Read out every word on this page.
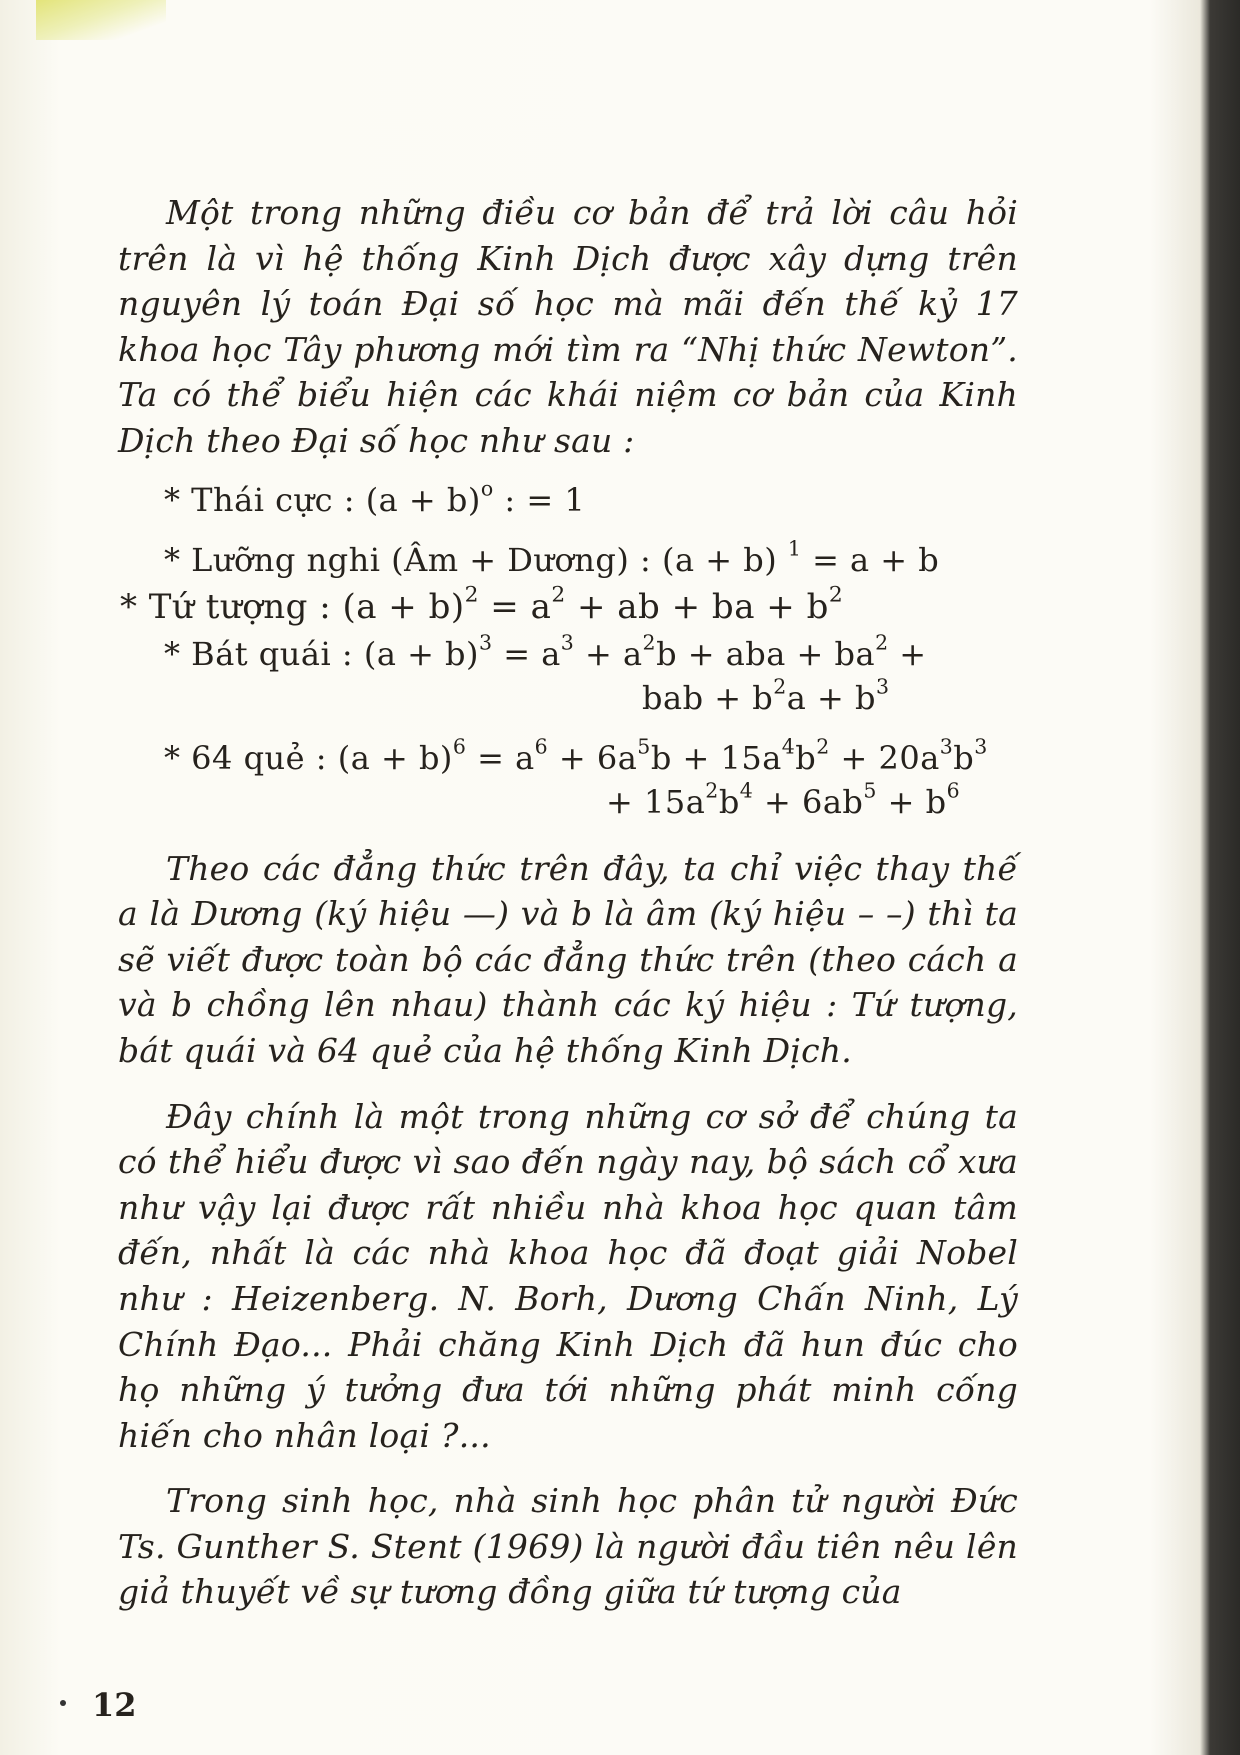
Một trong những điều cơ bản để trả lời câu hỏi trên là vì hệ thống Kinh Dịch được xây dựng trên nguyên lý toán Đại số học mà mãi đến thế kỷ 17 khoa học Tây phương mới tìm ra “Nhị thức Newton”. Ta có thể biểu hiện các khái niệm cơ bản của Kinh Dịch theo Đại số học như sau :

* Thái cực : $(a + b)^o$ : = 1
* Lưỡng nghi (Âm + Dương) : (a + b) $^1$ = a + b
* Tứ tượng : $(a + b)^2 = a^2$ + ab + ba + $b^2$
* Bát quái : $(a + b)^3 = a^3 + a^2b$ + aba + $ba^2$ +
bab + $b^2a + b^3$
* 64 quẻ : $(a + b)^6 = a^6 + 6a^5b + 15a^4b^2 + 20a^3b^3$
+ $15a^2b^4 + 6ab^5 + b^6$

Theo các đẳng thức trên đây, ta chỉ việc thay thế a là Dương (ký hiệu —) và b là âm (ký hiệu – –) thì ta sẽ viết được toàn bộ các đẳng thức trên (theo cách a và b chồng lên nhau) thành các ký hiệu : Tứ tượng, bát quái và 64 quẻ của hệ thống Kinh Dịch.

Đây chính là một trong những cơ sở để chúng ta có thể hiểu được vì sao đến ngày nay, bộ sách cổ xưa như vậy lại được rất nhiều nhà khoa học quan tâm đến, nhất là các nhà khoa học đã đoạt giải Nobel như : Heizenberg. N. Borh, Dương Chấn Ninh, Lý Chính Đạo... Phải chăng Kinh Dịch đã hun đúc cho họ những ý tưởng đưa tới những phát minh cống hiến cho nhân loại ?...

Trong sinh học, nhà sinh học phân tử người Đức Ts. Gunther S. Stent (1969) là người đầu tiên nêu lên giả thuyết về sự tương đồng giữa tứ tượng của

12
